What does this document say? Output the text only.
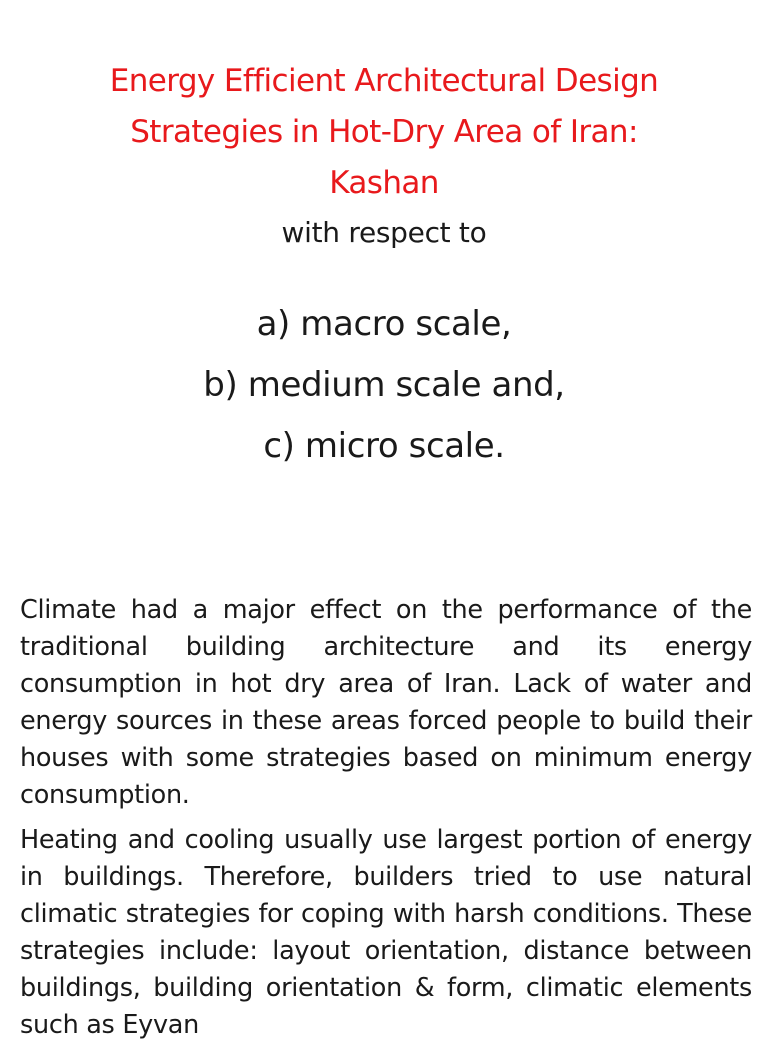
Energy Efficient Architectural Design
Strategies in Hot-Dry Area of Iran:
Kashan

with respect to

a) macro scale,
b) medium scale and,
c) micro scale.

Climate had a major effect on the performance of the traditional building architecture and its energy consumption in hot dry area of Iran. Lack of water and energy sources in these areas forced people to build their houses with some strategies based on minimum energy consumption.

Heating and cooling usually use largest portion of energy in buildings. Therefore, builders tried to use natural climatic strategies for coping with harsh conditions. These strategies include: layout orientation, distance between buildings, building orientation & form, climatic elements such as Eyvan
